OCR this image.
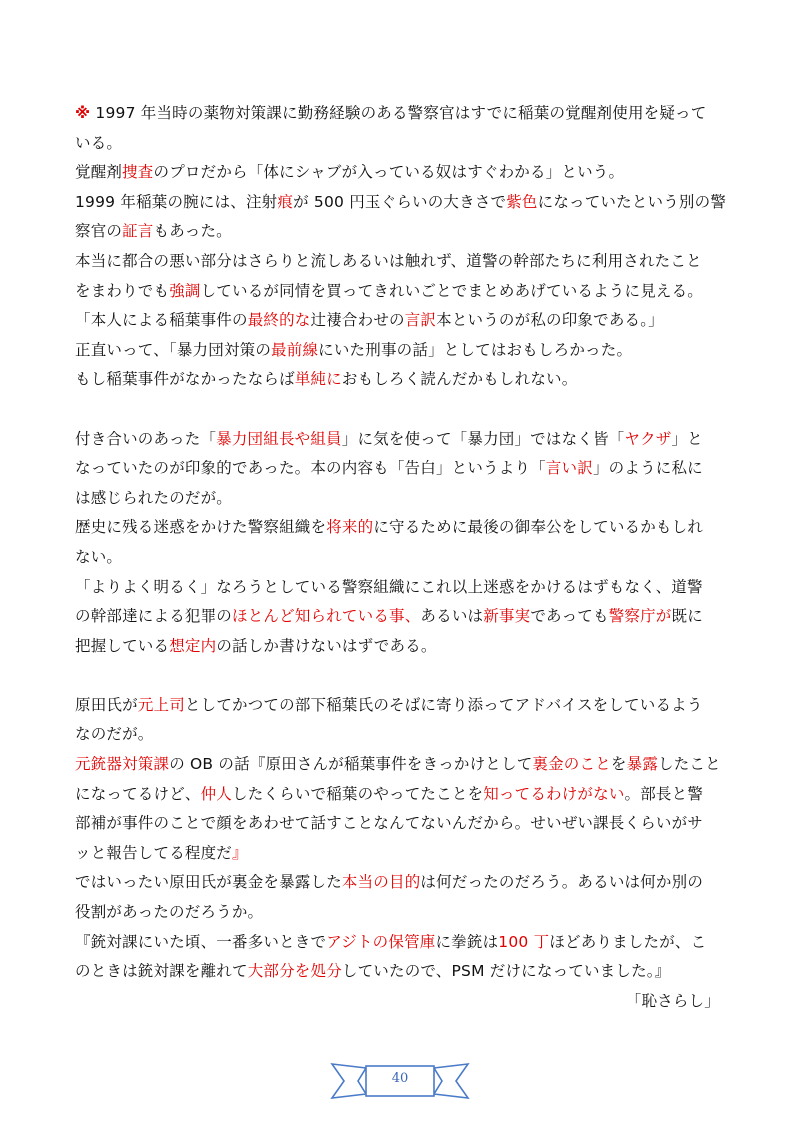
※ 1997 年当時の薬物対策課に勤務経験のある警察官はすでに稲葉の覚醒剤使用を疑って
いる。
覚醒剤捜査のプロだから「体にシャブが入っている奴はすぐわかる」という。
1999 年稲葉の腕には、注射痕が 500 円玉ぐらいの大きさで紫色になっていたという別の警
察官の証言もあった。
本当に都合の悪い部分はさらりと流しあるいは触れず、道警の幹部たちに利用されたこと
をまわりでも強調しているが同情を買ってきれいごとでまとめあげているように見える。
「本人による稲葉事件の最終的な辻褄合わせの言訳本というのが私の印象である。」
正直いって、「暴力団対策の最前線にいた刑事の話」としてはおもしろかった。
もし稲葉事件がなかったならば単純におもしろく読んだかもしれない。
付き合いのあった「暴力団組長や組員」に気を使って「暴力団」ではなく皆「ヤクザ」と
なっていたのが印象的であった。本の内容も「告白」というより「言い訳」のように私に
は感じられたのだが。
歴史に残る迷惑をかけた警察組織を将来的に守るために最後の御奉公をしているかもしれ
ない。
「よりよく明るく」なろうとしている警察組織にこれ以上迷惑をかけるはずもなく、道警
の幹部達による犯罪のほとんど知られている事、あるいは新事実であっても警察庁が既に
把握している想定内の話しか書けないはずである。
原田氏が元上司としてかつての部下稲葉氏のそばに寄り添ってアドバイスをしているよう
なのだが。
元銃器対策課の OB の話『原田さんが稲葉事件をきっかけとして裏金のことを暴露したこと
になってるけど、仲人したくらいで稲葉のやってたことを知ってるわけがない。部長と警
部補が事件のことで顔をあわせて話すことなんてないんだから。せいぜい課長くらいがサ
ッと報告してる程度だ』
ではいったい原田氏が裏金を暴露した本当の目的は何だったのだろう。あるいは何か別の
役割があったのだろうか。
『銃対課にいた頃、一番多いときでアジトの保管庫に拳銃は100 丁ほどありましたが、こ
のときは銃対課を離れて大部分を処分していたので、PSM だけになっていました。』
「恥さらし」
40
